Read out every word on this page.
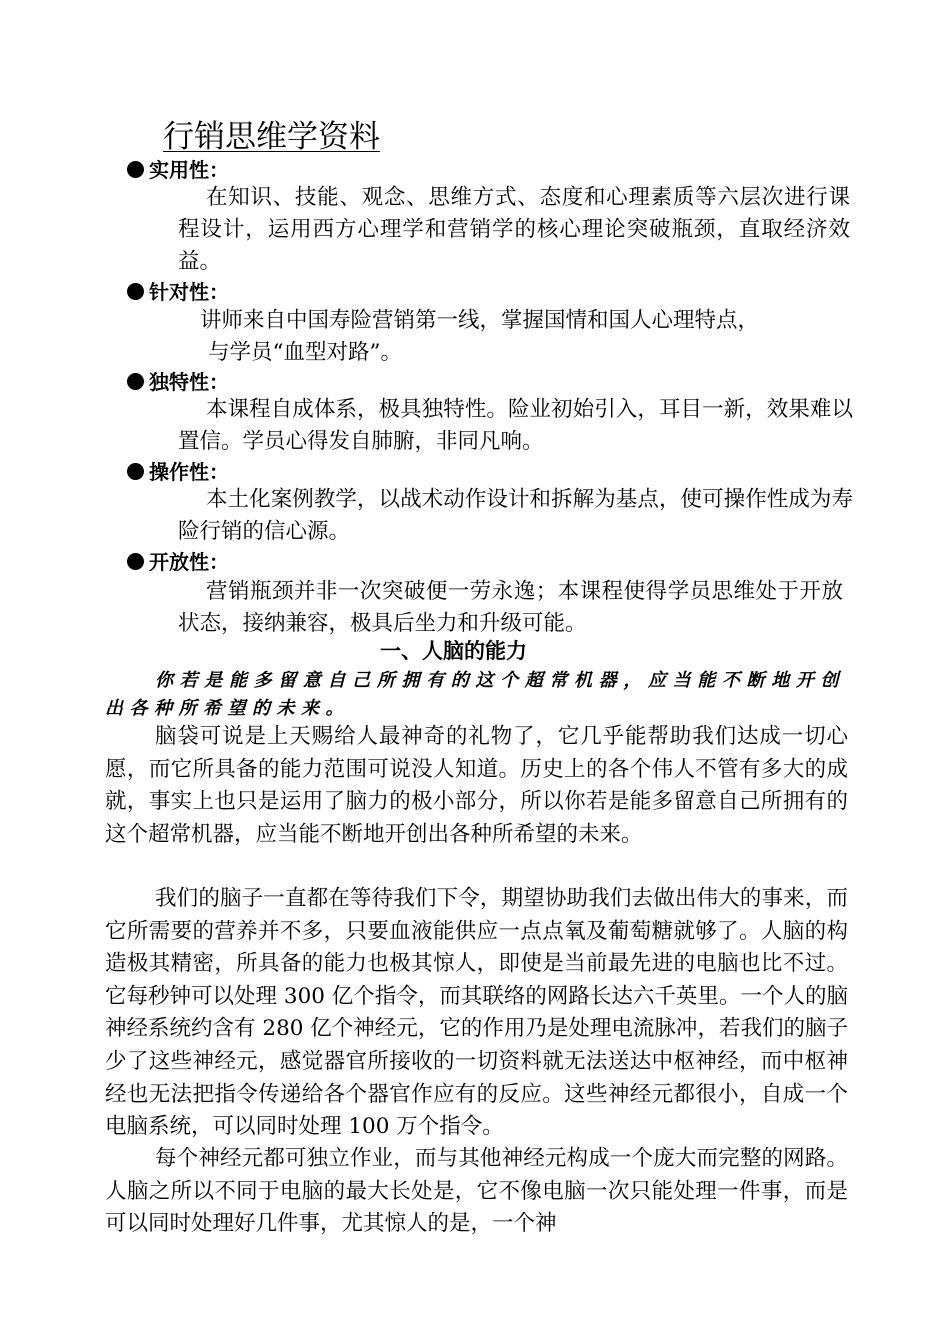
行销思维学资料
实用性：
在知识、技能、观念、思维方式、态度和心理素质等六层次进行课程设计，运用西方心理学和营销学的核心理论突破瓶颈，直取经济效益。
针对性：
讲师来自中国寿险营销第一线，掌握国情和国人心理特点，
与学员“血型对路”。
独特性：
本课程自成体系，极具独特性。险业初始引入，耳目一新，效果难以置信。学员心得发自肺腑，非同凡响。
操作性：
本土化案例教学，以战术动作设计和拆解为基点，使可操作性成为寿险行销的信心源。
开放性：
营销瓶颈并非一次突破便一劳永逸；本课程使得学员思维处于开放状态，接纳兼容，极具后坐力和升级可能。
一、人脑的能力
你若是能多留意自己所拥有的这个超常机器，应当能不断地开创出各种所希望的未来。
脑袋可说是上天赐给人最神奇的礼物了，它几乎能帮助我们达成一切心愿，而它所具备的能力范围可说没人知道。历史上的各个伟人不管有多大的成就，事实上也只是运用了脑力的极小部分，所以你若是能多留意自己所拥有的这个超常机器，应当能不断地开创出各种所希望的未来。
我们的脑子一直都在等待我们下令，期望协助我们去做出伟大的事来，而它所需要的营养并不多，只要血液能供应一点点氧及葡萄糖就够了。人脑的构造极其精密，所具备的能力也极其惊人，即使是当前最先进的电脑也比不过。它每秒钟可以处理 300 亿个指令，而其联络的网路长达六千英里。一个人的脑神经系统约含有 280 亿个神经元，它的作用乃是处理电流脉冲，若我们的脑子少了这些神经元，感觉器官所接收的一切资料就无法送达中枢神经，而中枢神经也无法把指令传递给各个器官作应有的反应。这些神经元都很小，自成一个电脑系统，可以同时处理 100 万个指令。
每个神经元都可独立作业，而与其他神经元构成一个庞大而完整的网路。人脑之所以不同于电脑的最大长处是，它不像电脑一次只能处理一件事，而是可以同时处理好几件事，尤其惊人的是，一个神
